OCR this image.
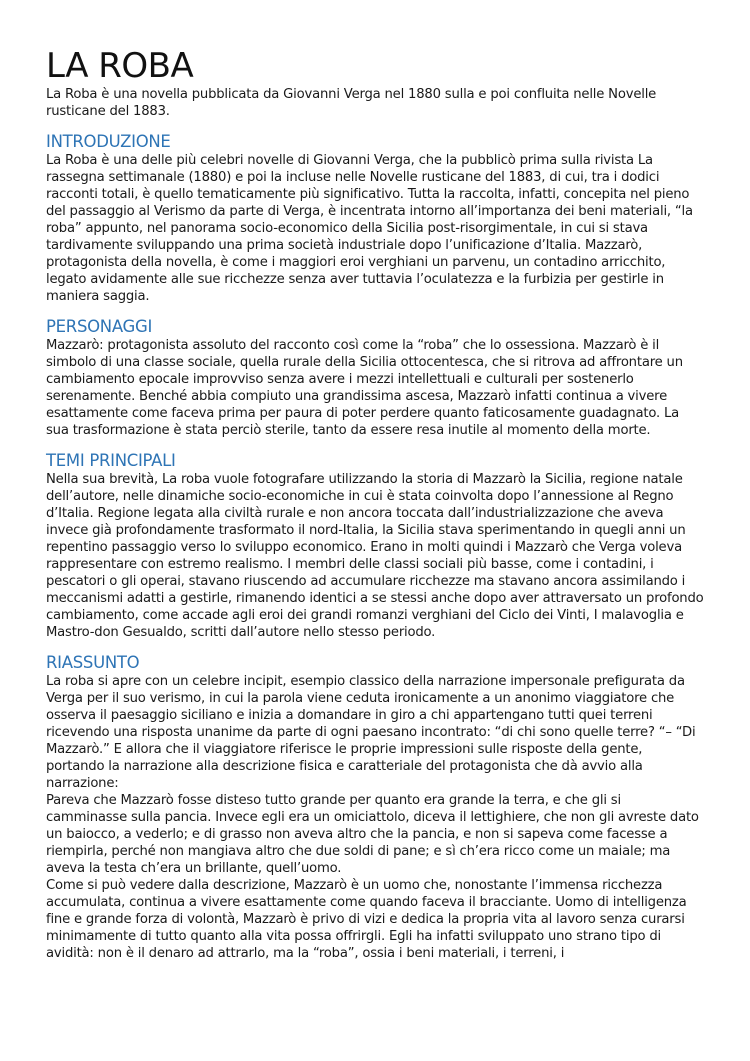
LA ROBA

La Roba è una novella pubblicata da Giovanni Verga nel 1880 sulla e poi confluita nelle Novelle rusticane del 1883.

INTRODUZIONE

La Roba è una delle più celebri novelle di Giovanni Verga, che la pubblicò prima sulla rivista La rassegna settimanale (1880) e poi la incluse nelle Novelle rusticane del 1883, di cui, tra i dodici racconti totali, è quello tematicamente più significativo. Tutta la raccolta, infatti, concepita nel pieno del passaggio al Verismo da parte di Verga, è incentrata intorno all’importanza dei beni materiali, “la roba” appunto, nel panorama socio-economico della Sicilia post-risorgimentale, in cui si stava tardivamente sviluppando una prima società industriale dopo l’unificazione d’Italia. Mazzarò, protagonista della novella, è come i maggiori eroi verghiani un parvenu, un contadino arricchito, legato avidamente alle sue ricchezze senza aver tuttavia l’oculatezza e la furbizia per gestirle in maniera saggia.

PERSONAGGI

Mazzarò: protagonista assoluto del racconto così come la “roba” che lo ossessiona. Mazzarò è il simbolo di una classe sociale, quella rurale della Sicilia ottocentesca, che si ritrova ad affrontare un cambiamento epocale improvviso senza avere i mezzi intellettuali e culturali per sostenerlo serenamente. Benché abbia compiuto una grandissima ascesa, Mazzarò infatti continua a vivere esattamente come faceva prima per paura di poter perdere quanto faticosamente guadagnato. La sua trasformazione è stata perciò sterile, tanto da essere resa inutile al momento della morte.

TEMI PRINCIPALI

Nella sua brevità, La roba vuole fotografare utilizzando la storia di Mazzarò la Sicilia, regione natale dell’autore, nelle dinamiche socio-economiche in cui è stata coinvolta dopo l’annessione al Regno d’Italia. Regione legata alla civiltà rurale e non ancora toccata dall’industrializzazione che aveva invece già profondamente trasformato il nord-Italia, la Sicilia stava sperimentando in quegli anni un repentino passaggio verso lo sviluppo economico. Erano in molti quindi i Mazzarò che Verga voleva rappresentare con estremo realismo. I membri delle classi sociali più basse, come i contadini, i pescatori o gli operai, stavano riuscendo ad accumulare ricchezze ma stavano ancora assimilando i meccanismi adatti a gestirle, rimanendo identici a se stessi anche dopo aver attraversato un profondo cambiamento, come accade agli eroi dei grandi romanzi verghiani del Ciclo dei Vinti, I malavoglia e Mastro-don Gesualdo, scritti dall’autore nello stesso periodo.

RIASSUNTO

La roba si apre con un celebre incipit, esempio classico della narrazione impersonale prefigurata da Verga per il suo verismo, in cui la parola viene ceduta ironicamente a un anonimo viaggiatore che osserva il paesaggio siciliano e inizia a domandare in giro a chi appartengano tutti quei terreni ricevendo una risposta unanime da parte di ogni paesano incontrato: “di chi sono quelle terre? “– “Di Mazzarò.” E allora che il viaggiatore riferisce le proprie impressioni sulle risposte della gente, portando la narrazione alla descrizione fisica e caratteriale del protagonista che dà avvio alla narrazione:

Pareva che Mazzarò fosse disteso tutto grande per quanto era grande la terra, e che gli si camminasse sulla pancia. Invece egli era un omiciattolo, diceva il lettighiere, che non gli avreste dato un baiocco, a vederlo; e di grasso non aveva altro che la pancia, e non si sapeva come facesse a riempirla, perché non mangiava altro che due soldi di pane; e sì ch’era ricco come un maiale; ma aveva la testa ch’era un brillante, quell’uomo.

Come si può vedere dalla descrizione, Mazzarò è un uomo che, nonostante l’immensa ricchezza accumulata, continua a vivere esattamente come quando faceva il bracciante. Uomo di intelligenza fine e grande forza di volontà, Mazzarò è privo di vizi e dedica la propria vita al lavoro senza curarsi minimamente di tutto quanto alla vita possa offrirgli. Egli ha infatti sviluppato uno strano tipo di avidità: non è il denaro ad attrarlo, ma la “roba”, ossia i beni materiali, i terreni, i
